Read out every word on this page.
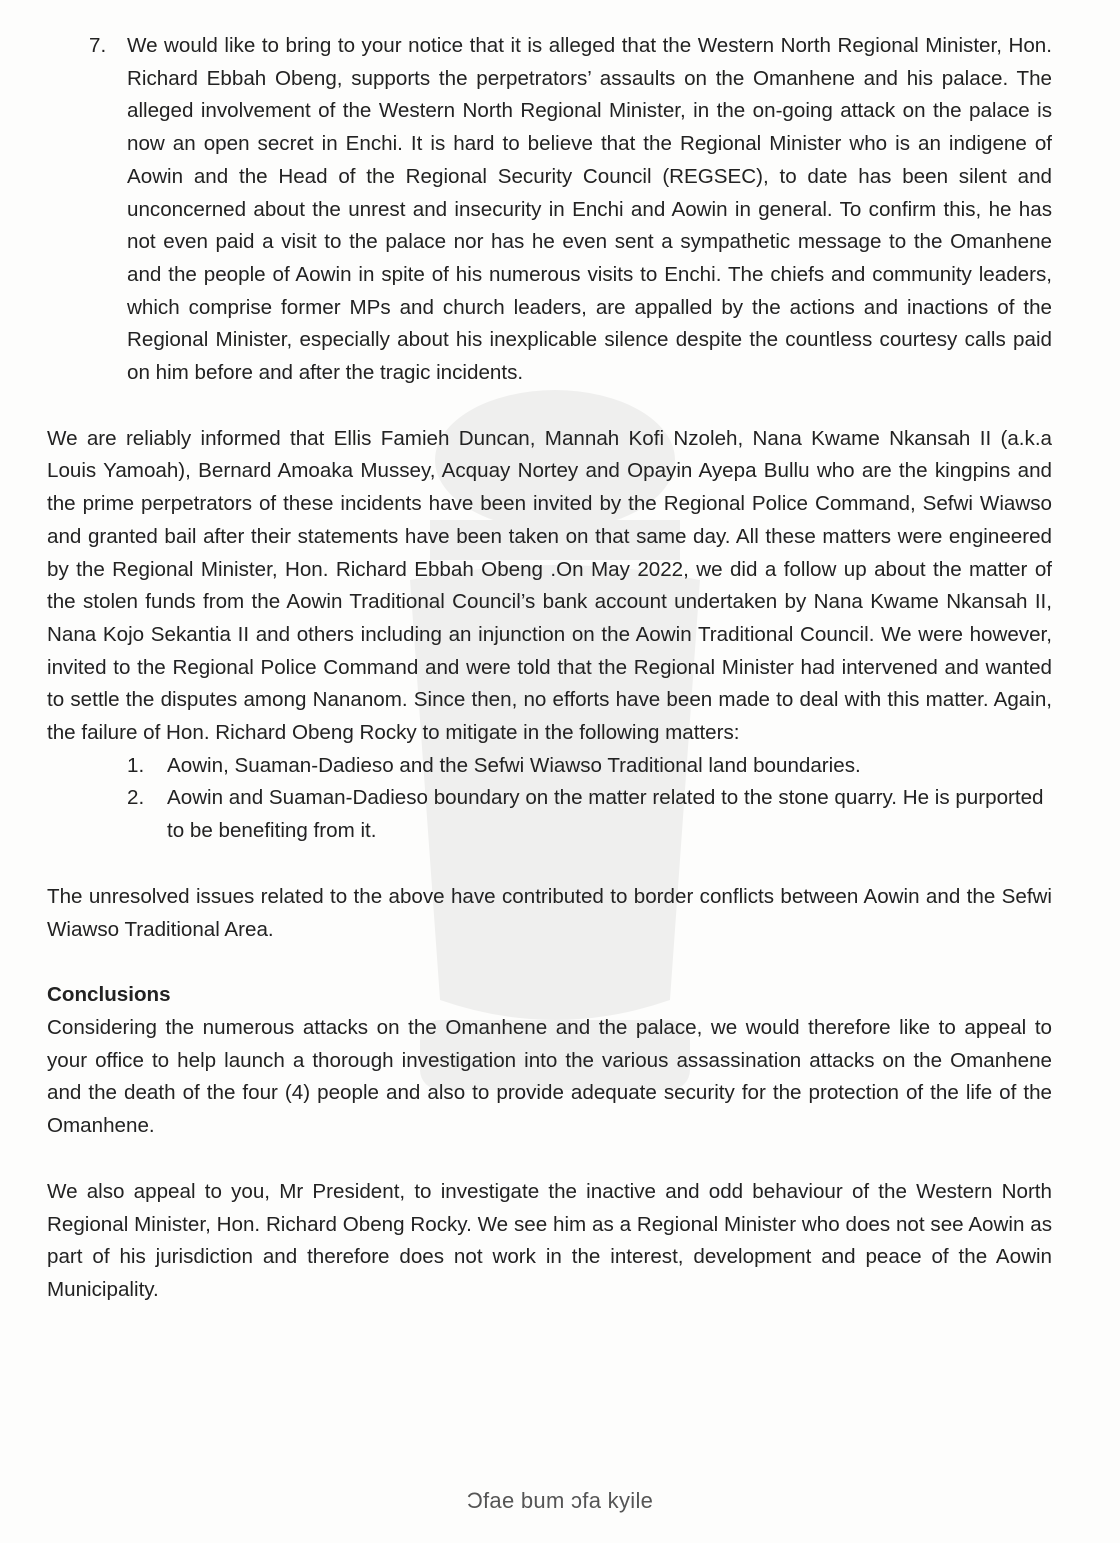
7.	We would like to bring to your notice that it is alleged that the Western North Regional Minister, Hon. Richard Ebbah Obeng, supports the perpetrators’ assaults on the Omanhene and his palace. The alleged involvement of the Western North Regional Minister, in the on-going attack on the palace is now an open secret in Enchi. It is hard to believe that the Regional Minister who is an indigene of Aowin and the Head of the Regional Security Council (REGSEC), to date has been silent and unconcerned about the unrest and insecurity in Enchi and Aowin in general. To confirm this, he has not even paid a visit to the palace nor has he even sent a sympathetic message to the Omanhene and the people of Aowin in spite of his numerous visits to Enchi. The chiefs and community leaders, which comprise former MPs and church leaders, are appalled by the actions and inactions of the Regional Minister, especially about his inexplicable silence despite the countless courtesy calls paid on him before and after the tragic incidents.

We are reliably informed that Ellis Famieh Duncan, Mannah Kofi Nzoleh, Nana Kwame Nkansah II (a.k.a Louis Yamoah), Bernard Amoaka Mussey, Acquay Nortey and Opayin Ayepa Bullu who are the kingpins and the prime perpetrators of these incidents have been invited by the Regional Police Command, Sefwi Wiawso and granted bail after their statements have been taken on that same day. All these matters were engineered by the Regional Minister, Hon. Richard Ebbah Obeng .On May 2022, we did a follow up about the matter of the stolen funds from the Aowin Traditional Council’s bank account undertaken by Nana Kwame Nkansah II, Nana Kojo Sekantia II and others including an injunction on the Aowin Traditional Council. We were however, invited to the Regional Police Command and were told that the Regional Minister had intervened and wanted to settle the disputes among Nananom. Since then, no efforts have been made to deal with this matter. Again, the failure of Hon. Richard Obeng Rocky to mitigate in the following matters:

1.	Aowin, Suaman-Dadieso and the Sefwi Wiawso Traditional land boundaries.
2.	Aowin and Suaman-Dadieso boundary on the matter related to the stone quarry. He is purported to be benefiting from it.

The unresolved issues related to the above have contributed to border conflicts between Aowin and the Sefwi Wiawso Traditional Area.

Conclusions

Considering the numerous attacks on the Omanhene and the palace, we would therefore like to appeal to your office to help launch a thorough investigation into the various assassination attacks on the Omanhene and the death of the four (4) people and also to provide adequate security for the protection of the life of the Omanhene.

We also appeal to you, Mr President, to investigate the inactive and odd behaviour of the Western North Regional Minister, Hon. Richard Obeng Rocky. We see him as a Regional Minister who does not see Aowin as part of his jurisdiction and therefore does not work in the interest, development and peace of the Aowin Municipality.

Ɔfae bum ɔfa kyile
